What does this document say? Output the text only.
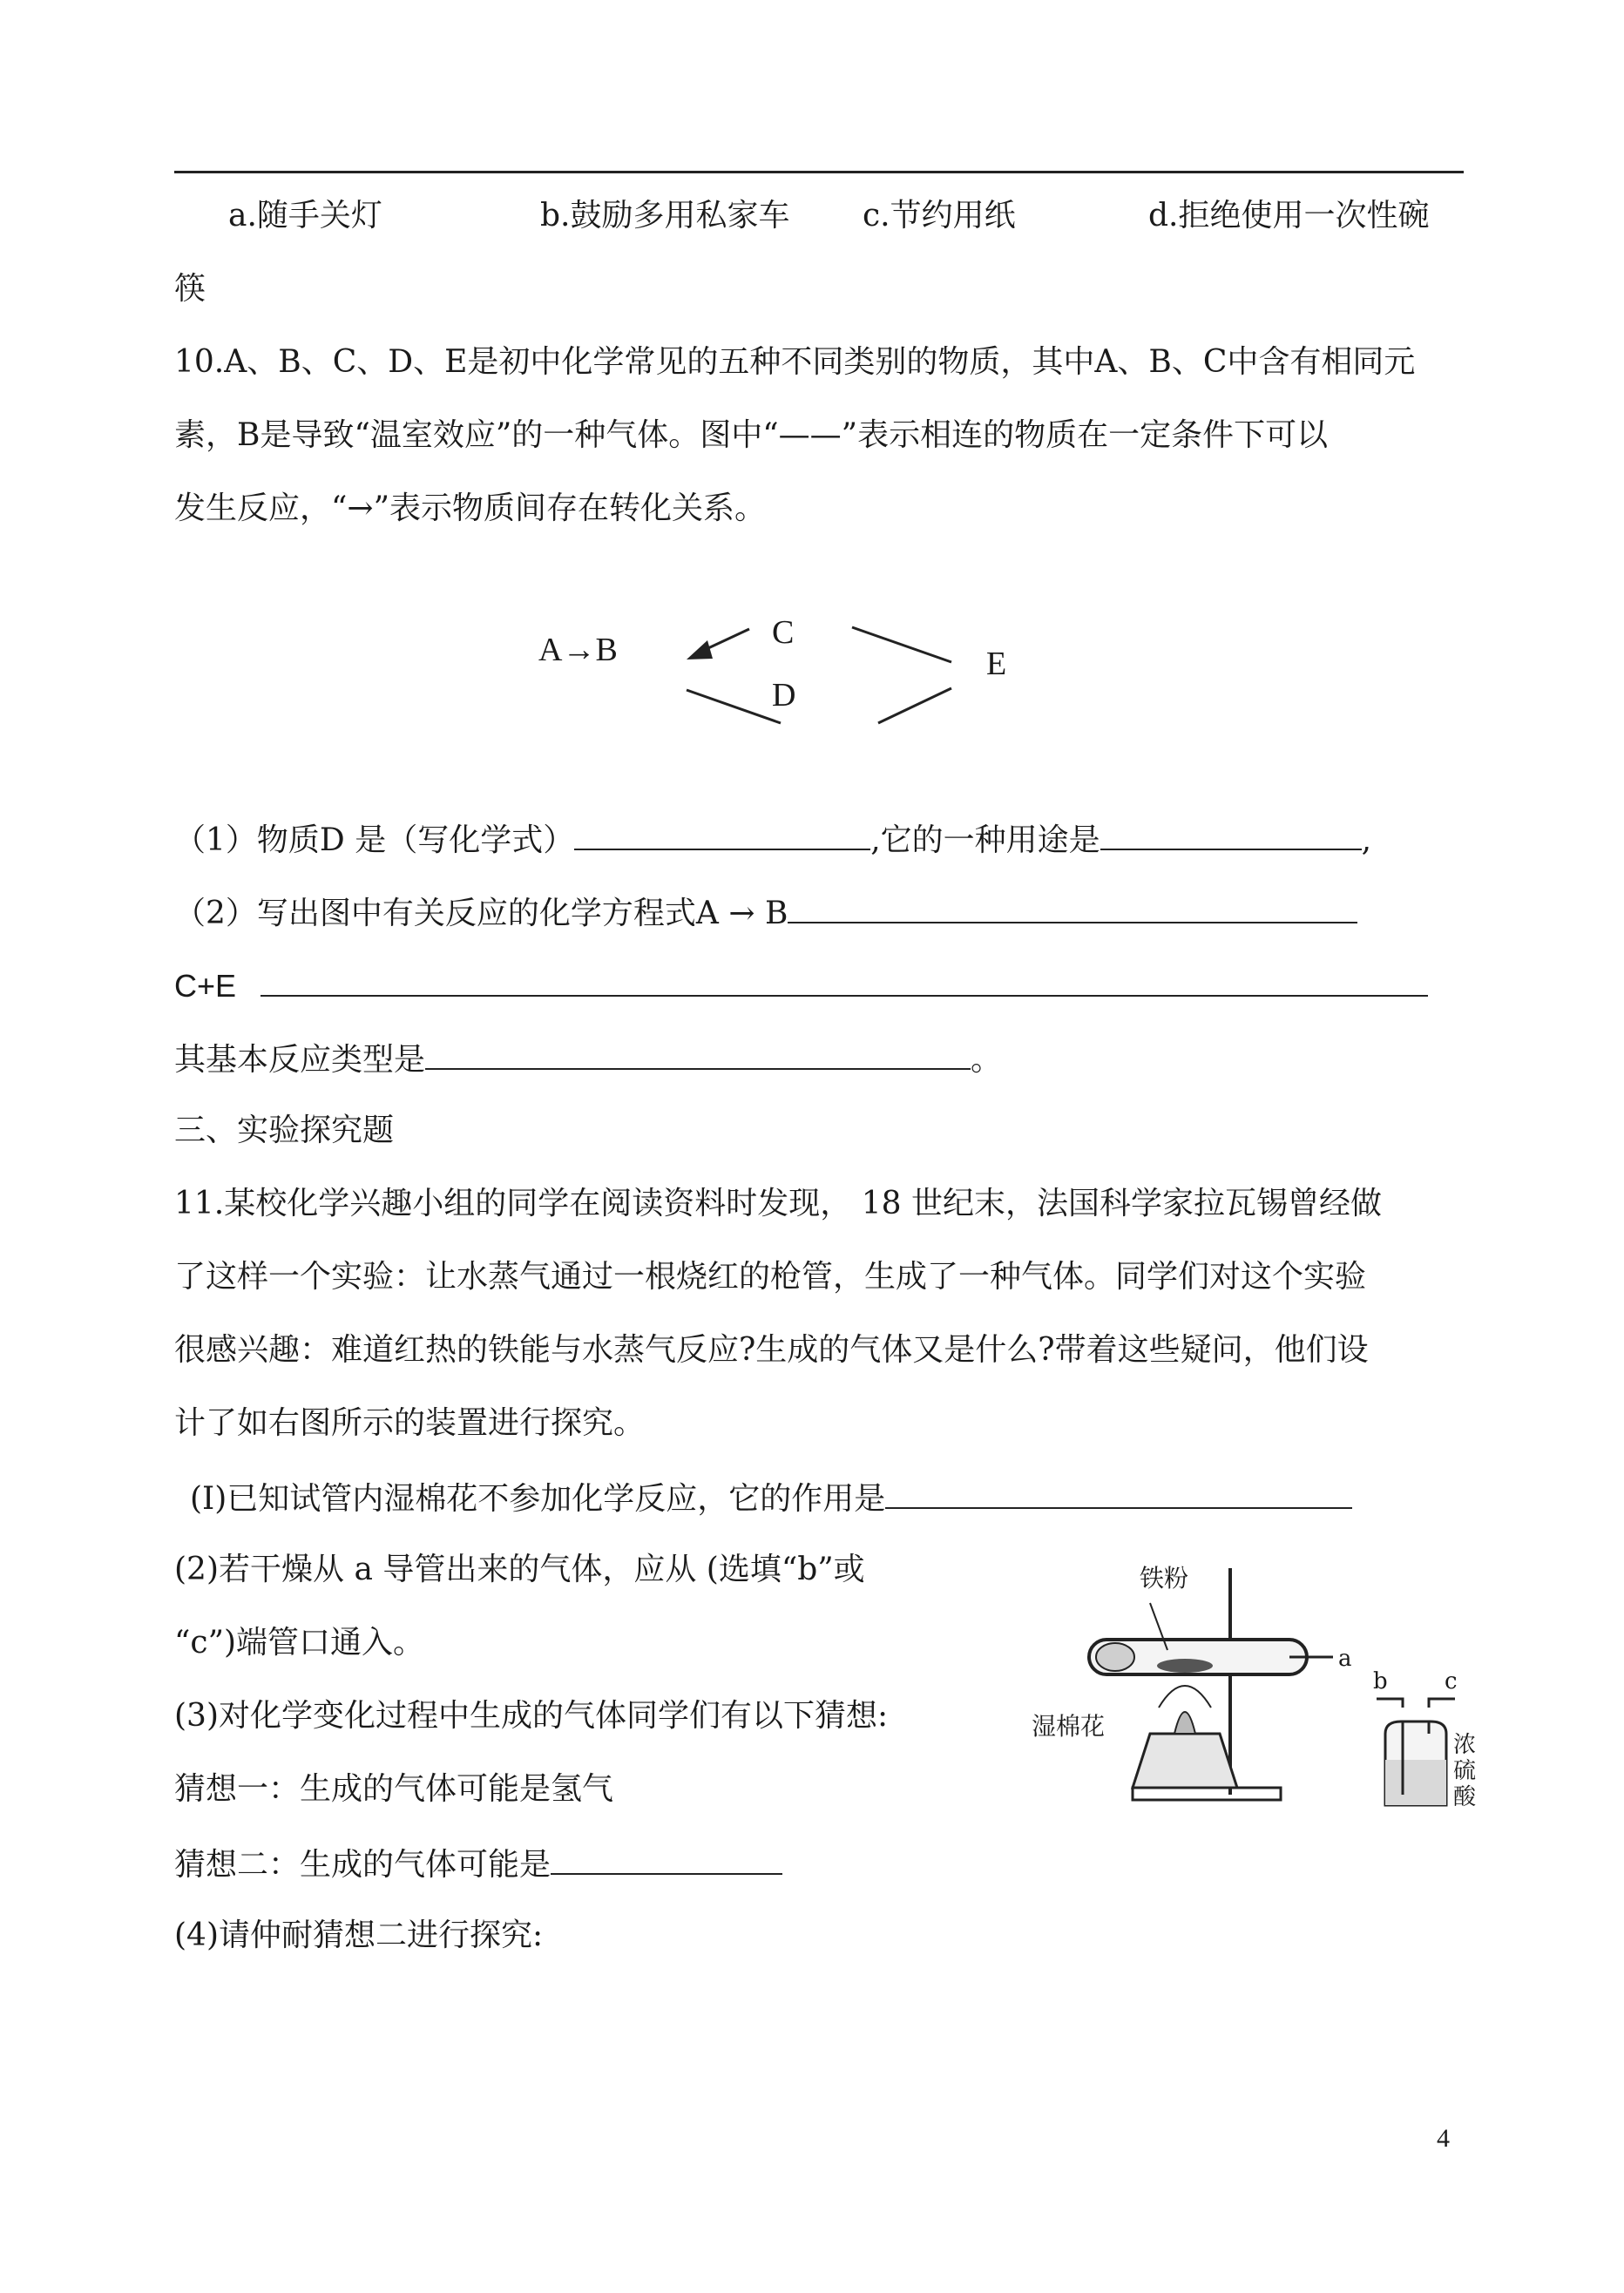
a.随手关灯	b.鼓励多用私家车 c.节约用纸	d.拒绝使用一次性碗
筷
10.A、B、C、D、E是初中化学常见的五种不同类别的物质，其中A、B、C中含有相同元
素，B是导致“温室效应”的一种气体。图中“——”表示相连的物质在一定条件下可以
发生反应，“→”表示物质间存在转化关系。
A→B	C
D
E
（1）物质D 是（写化学式）	,它的一种用途是	,
（2）写出图中有关反应的化学方程式A → B
C+E
其基本反应类型是	。
三、实验探究题
11.某校化学兴趣小组的同学在阅读资料时发现， 18 世纪末，法国科学家拉瓦锡曾经做
了这样一个实验：让水蒸气通过一根烧红的枪管，生成了一种气体。同学们对这个实验
很感兴趣：难道红热的铁能与水蒸气反应?生成的气体又是什么?带着这些疑问，他们设
计了如右图所示的装置进行探究。
(I)已知试管内湿棉花不参加化学反应，它的作用是
(2)若干燥从 a 导管出来的气体，应从 (选填“b”或
“c”)端管口通入。
(3)对化学变化过程中生成的气体同学们有以下猜想:
猜想一：生成的气体可能是氢气
猜想二：生成的气体可能是
(4)请仲耐猜想二进行探究:
铁粉
湿棉花
a
b	c
浓
硫
酸
4
